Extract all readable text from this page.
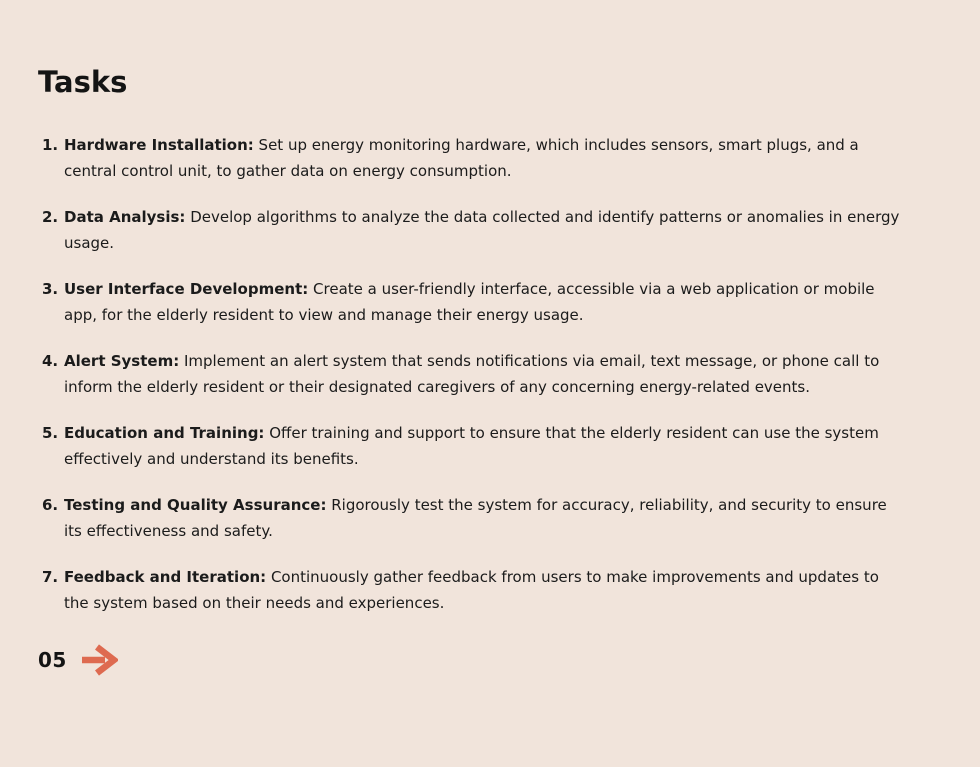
Tasks
1. Hardware Installation: Set up energy monitoring hardware, which includes sensors, smart plugs, and a central control unit, to gather data on energy consumption.
2. Data Analysis: Develop algorithms to analyze the data collected and identify patterns or anomalies in energy usage.
3. User Interface Development: Create a user-friendly interface, accessible via a web application or mobile app, for the elderly resident to view and manage their energy usage.
4. Alert System: Implement an alert system that sends notifications via email, text message, or phone call to inform the elderly resident or their designated caregivers of any concerning energy-related events.
5. Education and Training: Offer training and support to ensure that the elderly resident can use the system effectively and understand its benefits.
6. Testing and Quality Assurance: Rigorously test the system for accuracy, reliability, and security to ensure its effectiveness and safety.
7. Feedback and Iteration: Continuously gather feedback from users to make improvements and updates to the system based on their needs and experiences.
05
